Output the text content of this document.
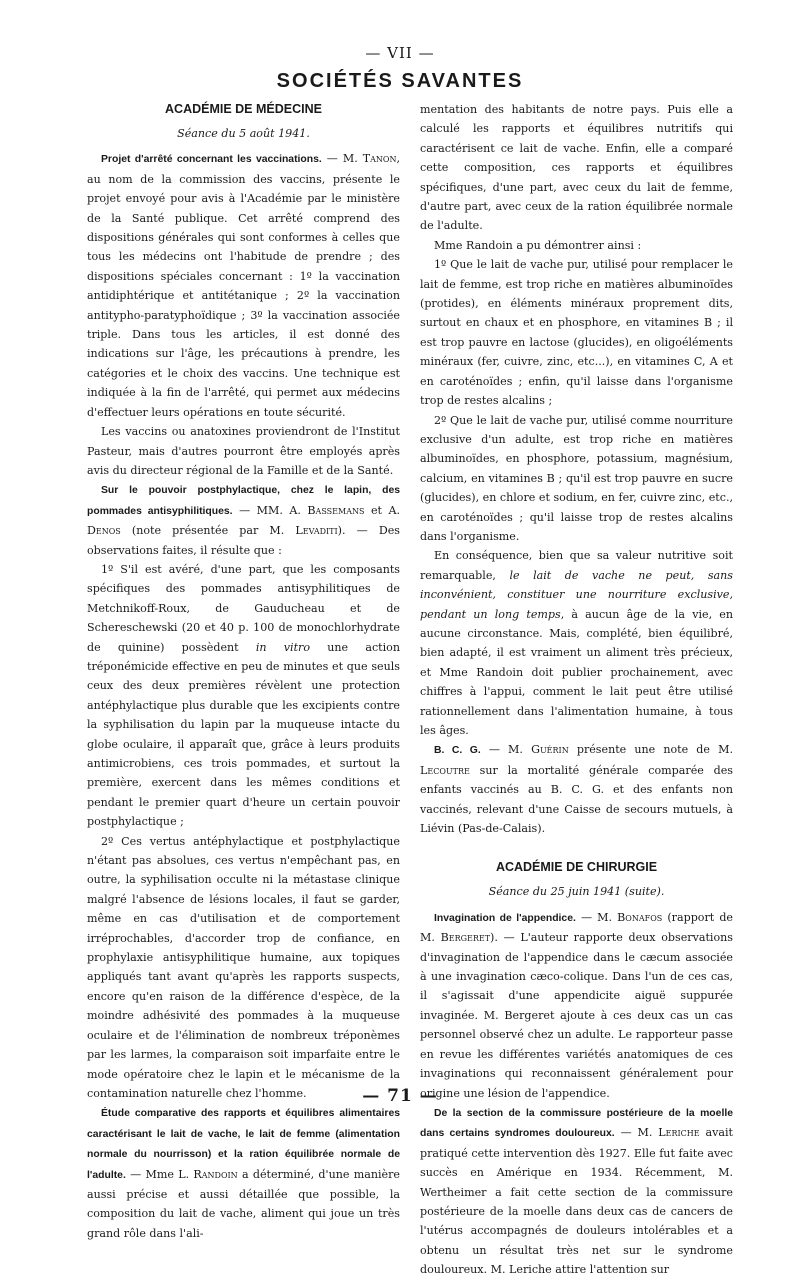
— VII —
SOCIÉTÉS SAVANTES
ACADÉMIE DE MÉDECINE
Séance du 5 août 1941.

Projet d'arrêté concernant les vaccinations. — M. Tanon, au nom de la commission des vaccins, présente le projet envoyé pour avis à l'Académie par le ministère de la Santé publique. Cet arrêté comprend des dispositions générales qui sont conformes à celles que tous les médecins ont l'habitude de prendre ; des dispositions spéciales concernant : 1º la vaccination antidiphtérique et antitétanique ; 2º la vaccination antitypho-paratyphoïdique ; 3º la vaccination associée triple. Dans tous les articles, il est donné des indications sur l'âge, les précautions à prendre, les catégories et le choix des vaccins. Une technique est indiquée à la fin de l'arrêté, qui permet aux médecins d'effectuer leurs opérations en toute sécurité.

Les vaccins ou anatoxines proviendront de l'Institut Pasteur, mais d'autres pourront être employés après avis du directeur régional de la Famille et de la Santé.

Sur le pouvoir postphylactique, chez le lapin, des pommades antisyphilitiques. — MM. A. Bassemans et A. Denos (note présentée par M. Levaditi). — Des observations faites, il résulte que :

1º S'il est avéré, d'une part, que les composants spécifiques des pommades antisyphilitiques de Metchnikoff-Roux, de Gauducheau et de Schereschewski (20 et 40 p. 100 de monochlorhydrate de quinine) possèdent in vitro une action tréponémicide effective en peu de minutes et que seuls ceux des deux premières révèlent une protection antéphylactique plus durable que les excipients contre la syphilisation du lapin par la muqueuse intacte du globe oculaire, il apparaît que, grâce à leurs produits antimicrobiens, ces trois pommades, et surtout la première, exercent dans les mêmes conditions et pendant le premier quart d'heure un certain pouvoir postphylactique ;

2º Ces vertus antéphylactique et postphylactique n'étant pas absolues, ces vertus n'empêchant pas, en outre, la syphilisation occulte ni la métastase clinique malgré l'absence de lésions locales, il faut se garder, même en cas d'utilisation et de comportement irréprochables, d'accorder trop de confiance, en prophylaxie antisyphilitique humaine, aux topiques appliqués tant avant qu'après les rapports suspects, encore qu'en raison de la différence d'espèce, de la moindre adhésivité des pommades à la muqueuse oculaire et de l'élimination de nombreux tréponèmes par les larmes, la comparaison soit imparfaite entre le mode opératoire chez le lapin et le mécanisme de la contamination naturelle chez l'homme.

Étude comparative des rapports et équilibres alimentaires caractérisant le lait de vache, le lait de femme (alimentation normale du nourrisson) et la ration équilibrée normale de l'adulte. — Mme L. Randoin a déterminé, d'une manière aussi précise et aussi détaillée que possible, la composition du lait de vache, aliment qui joue un très grand rôle dans l'ali-

mentation des habitants de notre pays. Puis elle a calculé les rapports et équilibres nutritifs qui caractérisent ce lait de vache. Enfin, elle a comparé cette composition, ces rapports et équilibres spécifiques, d'une part, avec ceux du lait de femme, d'autre part, avec ceux de la ration équilibrée normale de l'adulte.

Mme Randoin a pu démontrer ainsi :

1º Que le lait de vache pur, utilisé pour remplacer le lait de femme, est trop riche en matières albuminoïdes (protides), en éléments minéraux proprement dits, surtout en chaux et en phosphore, en vitamines B ; il est trop pauvre en lactose (glucides), en oligoéléments minéraux (fer, cuivre, zinc, etc...), en vitamines C, A et en caroténoïdes ; enfin, qu'il laisse dans l'organisme trop de restes alcalins ;

2º Que le lait de vache pur, utilisé comme nourriture exclusive d'un adulte, est trop riche en matières albuminoïdes, en phosphore, potassium, magnésium, calcium, en vitamines B ; qu'il est trop pauvre en sucre (glucides), en chlore et sodium, en fer, cuivre zinc, etc., en caroténoïdes ; qu'il laisse trop de restes alcalins dans l'organisme.

En conséquence, bien que sa valeur nutritive soit remarquable, le lait de vache ne peut, sans inconvénient, constituer une nourriture exclusive, pendant un long temps, à aucun âge de la vie, en aucune circonstance. Mais, complété, bien équilibré, bien adapté, il est vraiment un aliment très précieux, et Mme Randoin doit publier prochainement, avec chiffres à l'appui, comment le lait peut être utilisé rationnellement dans l'alimentation humaine, à tous les âges.

B. C. G. — M. Guérin présente une note de M. Lecoutre sur la mortalité générale comparée des enfants vaccinés au B. C. G. et des enfants non vaccinés, relevant d'une Caisse de secours mutuels, à Liévin (Pas-de-Calais).

ACADÉMIE DE CHIRURGIE
Séance du 25 juin 1941 (suite).

Invagination de l'appendice. — M. Bonafos (rapport de M. Bergeret). — L'auteur rapporte deux observations d'invagination de l'appendice dans le cæcum associée à une invagination cæco-colique. Dans l'un de ces cas, il s'agissait d'une appendicite aiguë suppurée invaginée. M. Bergeret ajoute à ces deux cas un cas personnel observé chez un adulte. Le rapporteur passe en revue les différentes variétés anatomiques de ces invaginations qui reconnaissent généralement pour origine une lésion de l'appendice.

De la section de la commissure postérieure de la moelle dans certains syndromes douloureux. — M. Leriche avait pratiqué cette intervention dès 1927. Elle fut faite avec succès en Amérique en 1934. Récemment, M. Wertheimer a fait cette section de la commissure postérieure de la moelle dans deux cas de cancers de l'utérus accompagnés de douleurs intolérables et a obtenu un résultat très net sur le syndrome douloureux. M. Leriche attire l'attention sur

— 71 —
